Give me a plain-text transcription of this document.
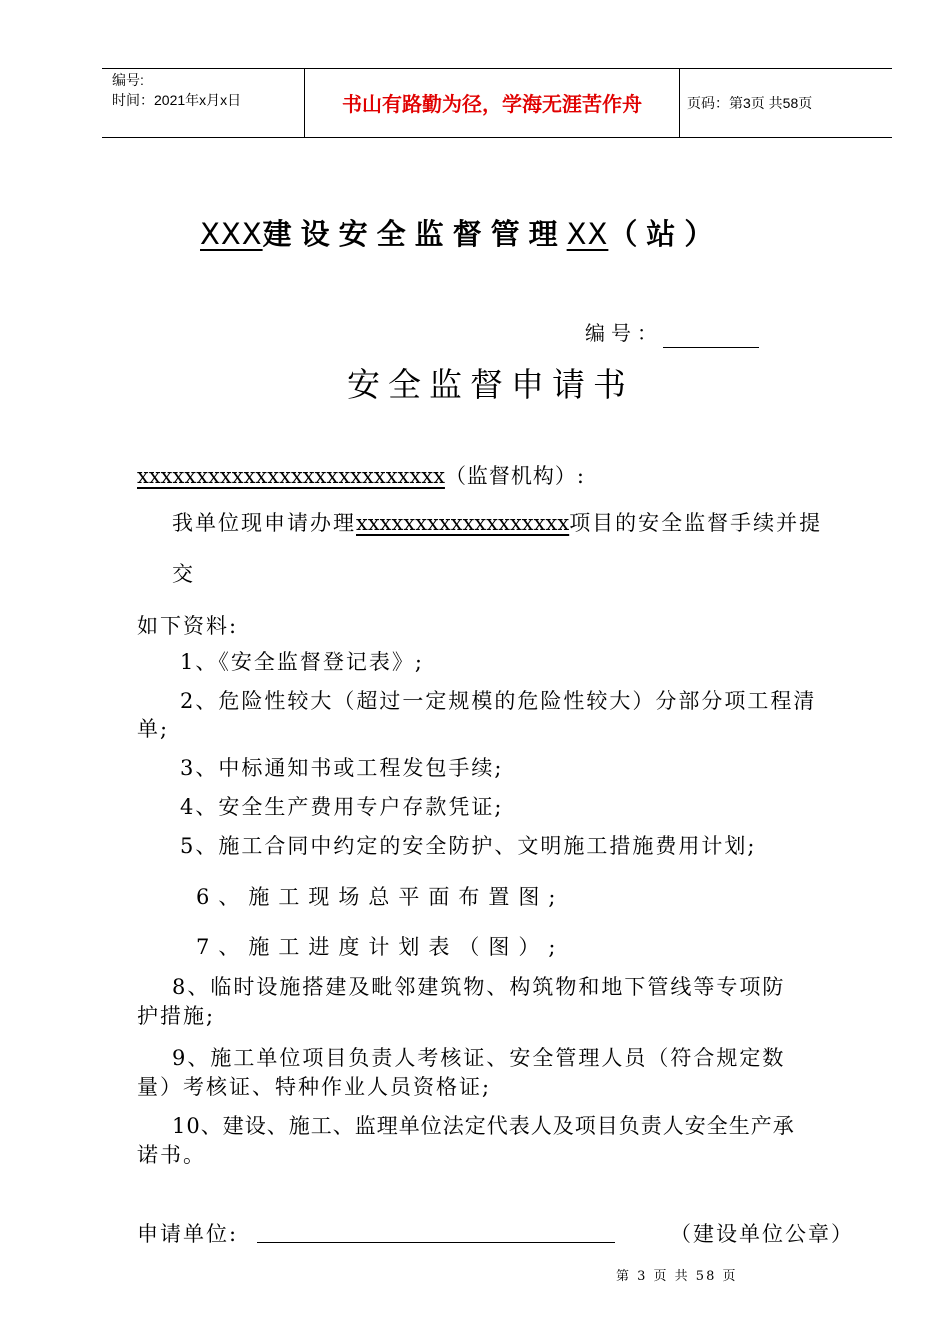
编号:
时间：2021年x月x日	书山有路勤为径，学海无涯苦作舟	页码：第3页 共58页
XXX建设安全监督管理XX（站）
编号：
安全监督申请书
xxxxxxxxxxxxxxxxxxxxxxxxxx（监督机构）:
我单位现申请办理xxxxxxxxxxxxxxxxxx项目的安全监督手续并提
交
如下资料:
1、《安全监督登记表》;
2、危险性较大（超过一定规模的危险性较大）分部分项工程清
单;
3、中标通知书或工程发包手续;
4、安全生产费用专户存款凭证;
5、施工合同中约定的安全防护、文明施工措施费用计划;
6、施工现场总平面布置图;
7、施工进度计划表（图）;
8、临时设施搭建及毗邻建筑物、构筑物和地下管线等专项防
护措施;
9、施工单位项目负责人考核证、安全管理人员（符合规定数
量）考核证、特种作业人员资格证;
10、建设、施工、监理单位法定代表人及项目负责人安全生产承
诺书。
申请单位:	（建设单位公章）
第 3 页 共 58 页
